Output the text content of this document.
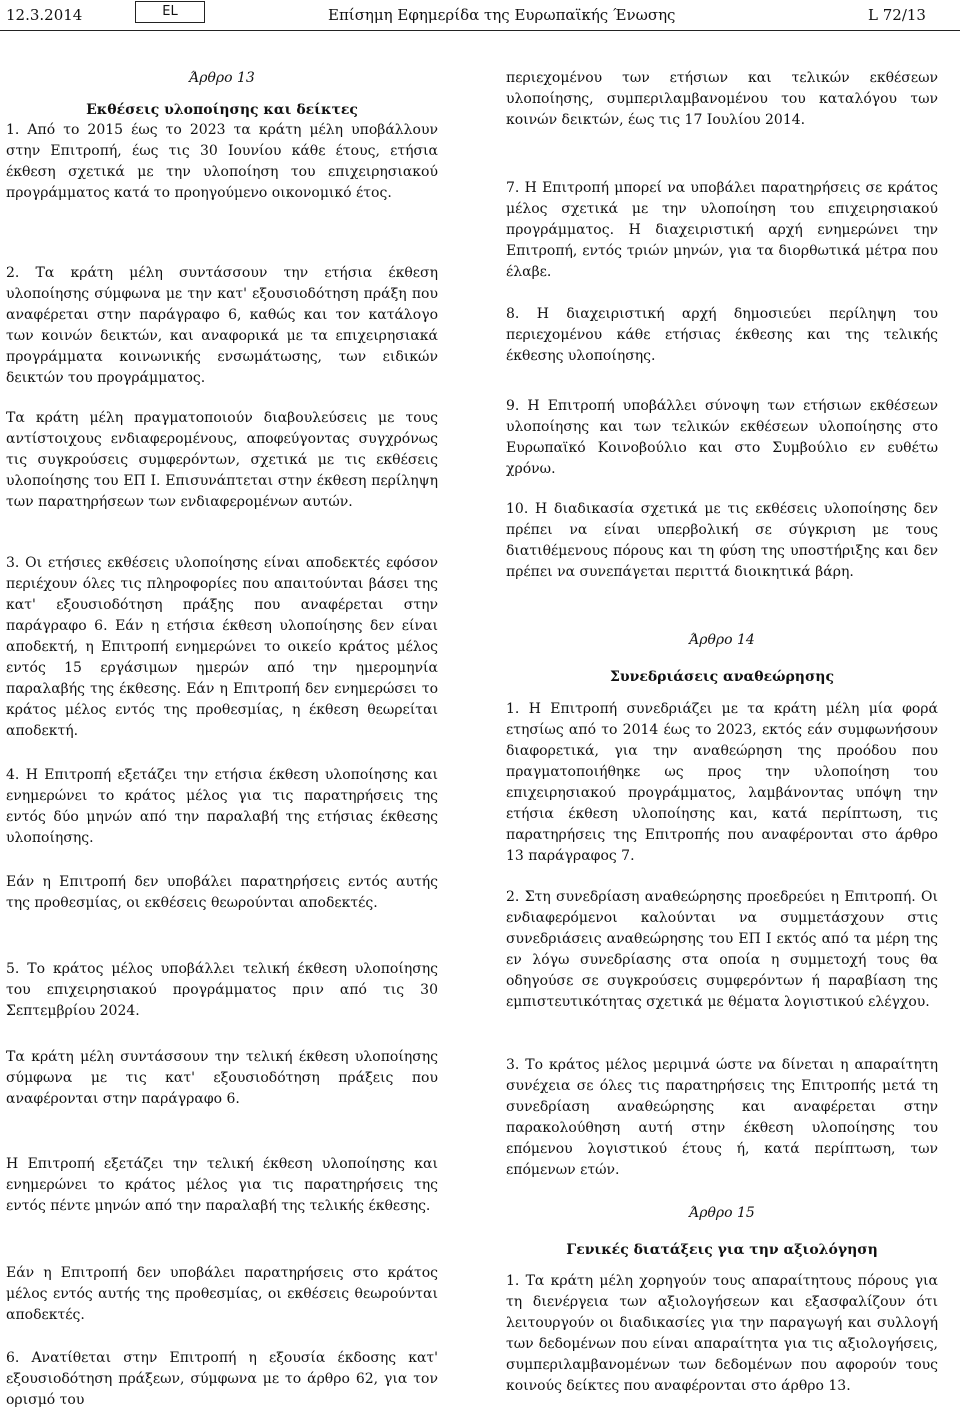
12.3.2014	EL	Επίσημη Εφημερίδα της Ευρωπαϊκής Ένωσης	L 72/13

Άρθρο 13

Εκθέσεις υλοποίησης και δείκτες

1. Από το 2015 έως το 2023 τα κράτη μέλη υποβάλλουν στην Επιτροπή, έως τις 30 Ιουνίου κάθε έτους, ετήσια έκθεση σχετικά με την υλοποίηση του επιχειρησιακού προγράμματος κατά το προηγούμενο οικονομικό έτος.

2. Τα κράτη μέλη συντάσσουν την ετήσια έκθεση υλοποίησης σύμφωνα με την κατ' εξουσιοδότηση πράξη που αναφέρεται στην παράγραφο 6, καθώς και τον κατάλογο των κοινών δεικτών, και αναφορικά με τα επιχειρησιακά προγράμματα κοινωνικής ενσωμάτωσης, των ειδικών δεικτών του προγράμματος.

Τα κράτη μέλη πραγματοποιούν διαβουλεύσεις με τους αντίστοιχους ενδιαφερομένους, αποφεύγοντας συγχρόνως τις συγκρούσεις συμφερόντων, σχετικά με τις εκθέσεις υλοποίησης του ΕΠ Ι. Επισυνάπτεται στην έκθεση περίληψη των παρατηρήσεων των ενδιαφερομένων αυτών.

3. Οι ετήσιες εκθέσεις υλοποίησης είναι αποδεκτές εφόσον περιέχουν όλες τις πληροφορίες που απαιτούνται βάσει της κατ' εξουσιοδότηση πράξης που αναφέρεται στην παράγραφο 6. Εάν η ετήσια έκθεση υλοποίησης δεν είναι αποδεκτή, η Επιτροπή ενημερώνει το οικείο κράτος μέλος εντός 15 εργάσιμων ημερών από την ημερομηνία παραλαβής της έκθεσης. Εάν η Επιτροπή δεν ενημερώσει το κράτος μέλος εντός της προθεσμίας, η έκθεση θεωρείται αποδεκτή.

4. Η Επιτροπή εξετάζει την ετήσια έκθεση υλοποίησης και ενημερώνει το κράτος μέλος για τις παρατηρήσεις της εντός δύο μηνών από την παραλαβή της ετήσιας έκθεσης υλοποίησης.

Εάν η Επιτροπή δεν υποβάλει παρατηρήσεις εντός αυτής της προθεσμίας, οι εκθέσεις θεωρούνται αποδεκτές.

5. Το κράτος μέλος υποβάλλει τελική έκθεση υλοποίησης του επιχειρησιακού προγράμματος πριν από τις 30 Σεπτεμβρίου 2024.

Τα κράτη μέλη συντάσσουν την τελική έκθεση υλοποίησης σύμφωνα με τις κατ' εξουσιοδότηση πράξεις που αναφέρονται στην παράγραφο 6.

Η Επιτροπή εξετάζει την τελική έκθεση υλοποίησης και ενημερώνει το κράτος μέλος για τις παρατηρήσεις της εντός πέντε μηνών από την παραλαβή της τελικής έκθεσης.

Εάν η Επιτροπή δεν υποβάλει παρατηρήσεις στο κράτος μέλος εντός αυτής της προθεσμίας, οι εκθέσεις θεωρούνται αποδεκτές.

6. Ανατίθεται στην Επιτροπή η εξουσία έκδοσης κατ' εξουσιοδότηση πράξεων, σύμφωνα με το άρθρο 62, για τον ορισμό του

περιεχομένου των ετήσιων και τελικών εκθέσεων υλοποίησης, συμπεριλαμβανομένου του καταλόγου των κοινών δεικτών, έως τις 17 Ιουλίου 2014.

7. Η Επιτροπή μπορεί να υποβάλει παρατηρήσεις σε κράτος μέλος σχετικά με την υλοποίηση του επιχειρησιακού προγράμματος. Η διαχειριστική αρχή ενημερώνει την Επιτροπή, εντός τριών μηνών, για τα διορθωτικά μέτρα που έλαβε.

8. Η διαχειριστική αρχή δημοσιεύει περίληψη του περιεχομένου κάθε ετήσιας έκθεσης και της τελικής έκθεσης υλοποίησης.

9. Η Επιτροπή υποβάλλει σύνοψη των ετήσιων εκθέσεων υλοποίησης και των τελικών εκθέσεων υλοποίησης στο Ευρωπαϊκό Κοινοβούλιο και στο Συμβούλιο εν ευθέτω χρόνω.

10. Η διαδικασία σχετικά με τις εκθέσεις υλοποίησης δεν πρέπει να είναι υπερβολική σε σύγκριση με τους διατιθέμενους πόρους και τη φύση της υποστήριξης και δεν πρέπει να συνεπάγεται περιττά διοικητικά βάρη.

Άρθρο 14

Συνεδριάσεις αναθεώρησης

1. Η Επιτροπή συνεδριάζει με τα κράτη μέλη μία φορά ετησίως από το 2014 έως το 2023, εκτός εάν συμφωνήσουν διαφορετικά, για την αναθεώρηση της προόδου που πραγματοποιήθηκε ως προς την υλοποίηση του επιχειρησιακού προγράμματος, λαμβάνοντας υπόψη την ετήσια έκθεση υλοποίησης και, κατά περίπτωση, τις παρατηρήσεις της Επιτροπής που αναφέρονται στο άρθρο 13 παράγραφος 7.

2. Στη συνεδρίαση αναθεώρησης προεδρεύει η Επιτροπή. Οι ενδιαφερόμενοι καλούνται να συμμετάσχουν στις συνεδριάσεις αναθεώρησης του ΕΠ Ι εκτός από τα μέρη της εν λόγω συνεδρίασης στα οποία η συμμετοχή τους θα οδηγούσε σε συγκρούσεις συμφερόντων ή παραβίαση της εμπιστευτικότητας σχετικά με θέματα λογιστικού ελέγχου.

3. Το κράτος μέλος μεριμνά ώστε να δίνεται η απαραίτητη συνέχεια σε όλες τις παρατηρήσεις της Επιτροπής μετά τη συνεδρίαση αναθεώρησης και αναφέρεται στην παρακολούθηση αυτή στην έκθεση υλοποίησης του επόμενου λογιστικού έτους ή, κατά περίπτωση, των επόμενων ετών.

Άρθρο 15

Γενικές διατάξεις για την αξιολόγηση

1. Τα κράτη μέλη χορηγούν τους απαραίτητους πόρους για τη διενέργεια των αξιολογήσεων και εξασφαλίζουν ότι λειτουργούν οι διαδικασίες για την παραγωγή και συλλογή των δεδομένων που είναι απαραίτητα για τις αξιολογήσεις, συμπεριλαμβανομένων των δεδομένων που αφορούν τους κοινούς δείκτες που αναφέρονται στο άρθρο 13.
